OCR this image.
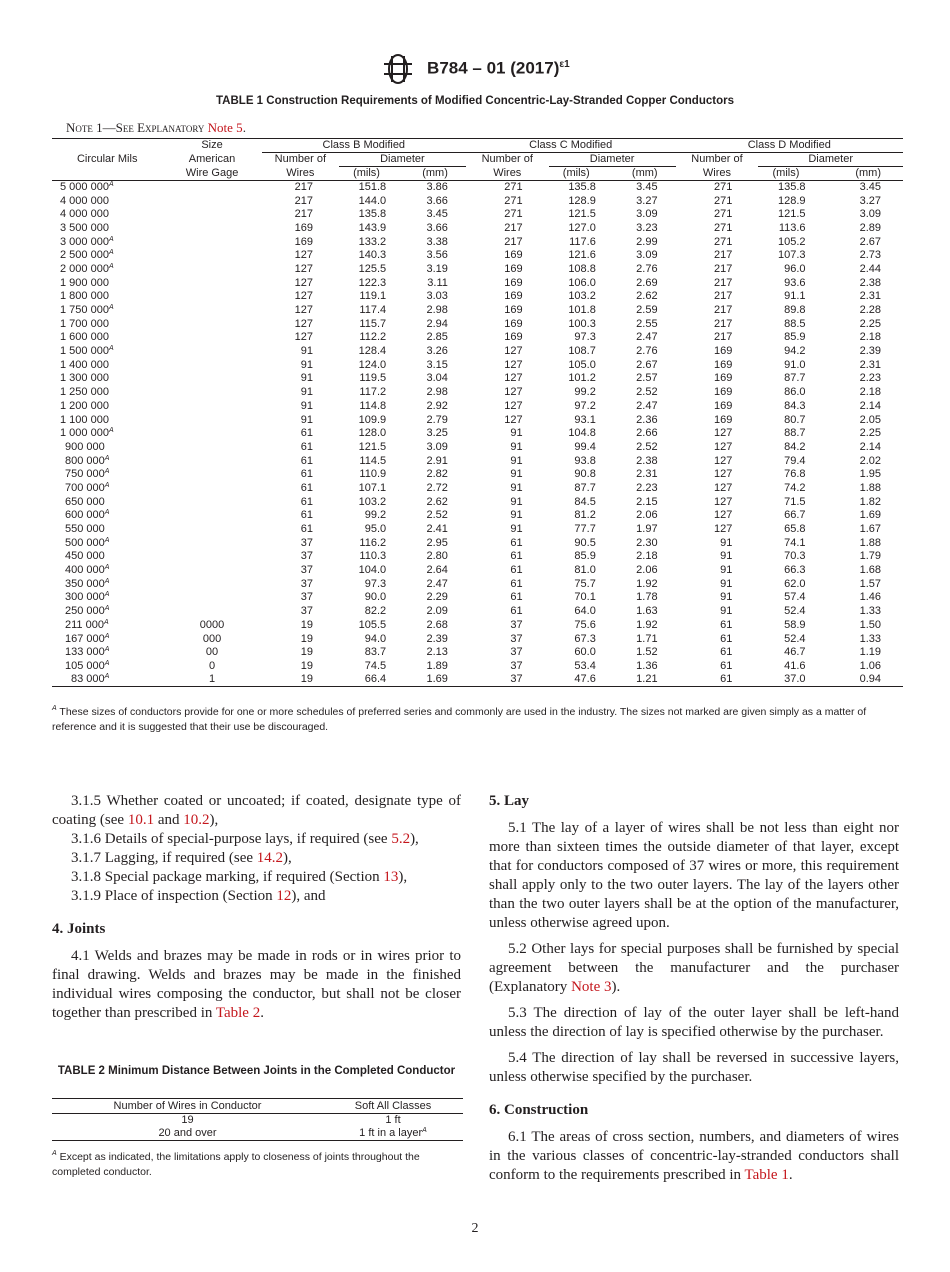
B784 – 01 $(2017)^{\varepsilon 1}$
TABLE 1 Construction Requirements of Modified Concentric-Lay-Stranded Copper Conductors
Note 1—See Explanatory Note 5.
	Size	Class B Modified			Class C Modified			Class D Modified		
Circular Mils	American	Number of	Diameter		Number of	Diameter		Number of	Diameter	
	Wire Gage	Wires	(mils)	(mm)	Wires	(mils)	(mm)	Wires	(mils)	(mm)
5 000 $000^A$		217	151.8	3.86	271	135.8	3.45	271	135.8	3.45
4 000 000		217	144.0	3.66	271	128.9	3.27	271	128.9	3.27
4 000 000		217	135.8	3.45	271	121.5	3.09	271	121.5	3.09
3 500 000		169	143.9	3.66	217	127.0	3.23	271	113.6	2.89
3 000 $000^A$		169	133.2	3.38	217	117.6	2.99	271	105.2	2.67
2 500 $000^A$		127	140.3	3.56	169	121.6	3.09	217	107.3	2.73
2 000 $000^A$		127	125.5	3.19	169	108.8	2.76	217	96.0	2.44
1 900 000		127	122.3	3.11	169	106.0	2.69	217	93.6	2.38
1 800 000		127	119.1	3.03	169	103.2	2.62	217	91.1	2.31
1 750 $000^A$		127	117.4	2.98	169	101.8	2.59	217	89.8	2.28
1 700 000		127	115.7	2.94	169	100.3	2.55	217	88.5	2.25
1 600 000		127	112.2	2.85	169	97.3	2.47	217	85.9	2.18
1 500 $000^A$		91	128.4	3.26	127	108.7	2.76	169	94.2	2.39
1 400 000		91	124.0	3.15	127	105.0	2.67	169	91.0	2.31
1 300 000		91	119.5	3.04	127	101.2	2.57	169	87.7	2.23
1 250 000		91	117.2	2.98	127	99.2	2.52	169	86.0	2.18
1 200 000		91	114.8	2.92	127	97.2	2.47	169	84.3	2.14
1 100 000		91	109.9	2.79	127	93.1	2.36	169	80.7	2.05
1 000 $000^A$		61	128.0	3.25	91	104.8	2.66	127	88.7	2.25
900 000		61	121.5	3.09	91	99.4	2.52	127	84.2	2.14
800 $000^A$		61	114.5	2.91	91	93.8	2.38	127	79.4	2.02
750 $000^A$		61	110.9	2.82	91	90.8	2.31	127	76.8	1.95
700 $000^A$		61	107.1	2.72	91	87.7	2.23	127	74.2	1.88
650 000		61	103.2	2.62	91	84.5	2.15	127	71.5	1.82
600 $000^A$		61	99.2	2.52	91	81.2	2.06	127	66.7	1.69
550 000		61	95.0	2.41	91	77.7	1.97	127	65.8	1.67
500 $000^A$		37	116.2	2.95	61	90.5	2.30	91	74.1	1.88
450 000		37	110.3	2.80	61	85.9	2.18	91	70.3	1.79
400 $000^A$		37	104.0	2.64	61	81.0	2.06	91	66.3	1.68
350 $000^A$		37	97.3	2.47	61	75.7	1.92	91	62.0	1.57
300 $000^A$		37	90.0	2.29	61	70.1	1.78	91	57.4	1.46
250 $000^A$		37	82.2	2.09	61	64.0	1.63	91	52.4	1.33
211 $000^A$	0000	19	105.5	2.68	37	75.6	1.92	61	58.9	1.50
167 $000^A$	000	19	94.0	2.39	37	67.3	1.71	61	52.4	1.33
133 $000^A$	00	19	83.7	2.13	37	60.0	1.52	61	46.7	1.19
105 $000^A$	0	19	74.5	1.89	37	53.4	1.36	61	41.6	1.06
83 $000^A$	1	19	66.4	1.69	37	47.6	1.21	61	37.0	0.94
$^A$ These sizes of conductors provide for one or more schedules of preferred series and commonly are used in the industry. The sizes not marked are given simply as a matter of reference and it is suggested that their use be discouraged.

3.1.5 Whether coated or uncoated; if coated, designate type of coating (see 10.1 and 10.2),

3.1.6 Details of special-purpose lays, if required (see 5.2),

3.1.7 Lagging, if required (see 14.2),

3.1.8 Special package marking, if required (Section 13),

3.1.9 Place of inspection (Section 12), and

4. Joints

4.1 Welds and brazes may be made in rods or in wires prior to final drawing. Welds and brazes may be made in the finished individual wires composing the conductor, but shall not be closer together than prescribed in Table 2.

5. Lay

5.1 The lay of a layer of wires shall be not less than eight nor more than sixteen times the outside diameter of that layer, except that for conductors composed of 37 wires or more, this requirement shall apply only to the two outer layers. The lay of the layers other than the two outer layers shall be at the option of the manufacturer, unless otherwise agreed upon.

5.2 Other lays for special purposes shall be furnished by special agreement between the manufacturer and the purchaser (Explanatory Note 3).

5.3 The direction of lay of the outer layer shall be left-hand unless the direction of lay is specified otherwise by the purchaser.

5.4 The direction of lay shall be reversed in successive layers, unless otherwise specified by the purchaser.

6. Construction

6.1 The areas of cross section, numbers, and diameters of wires in the various classes of concentric-lay-stranded conductors shall conform to the requirements prescribed in Table 1.

TABLE 2 Minimum Distance Between Joints in the Completed Conductor
Number of Wires in Conductor	Soft All Classes
19	1 ft
20 and over	1 ft in a layer$^A$
$^A$ Except as indicated, the limitations apply to closeness of joints throughout the completed conductor.
2
